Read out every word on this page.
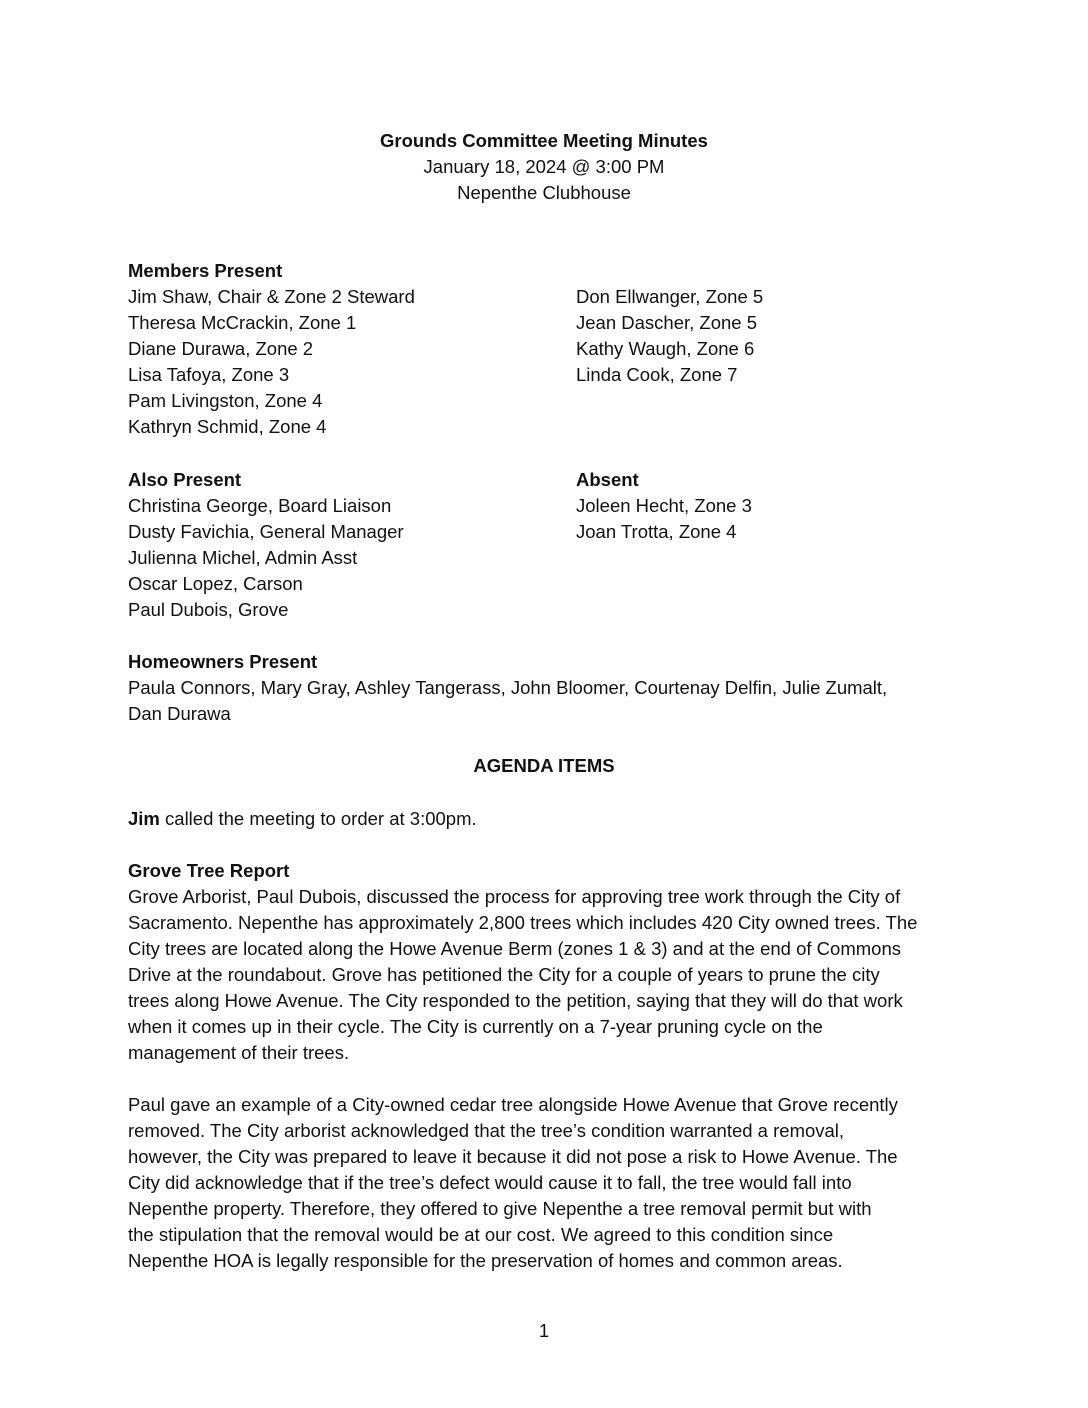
Grounds Committee Meeting Minutes
January 18, 2024 @ 3:00 PM
Nepenthe Clubhouse
Members Present
Jim Shaw, Chair & Zone 2 Steward
Theresa McCrackin, Zone 1
Diane Durawa, Zone 2
Lisa Tafoya, Zone 3
Pam Livingston, Zone 4
Kathryn Schmid, Zone 4
Don Ellwanger, Zone 5
Jean Dascher, Zone 5
Kathy Waugh, Zone 6
Linda Cook, Zone 7
Also Present
Christina George, Board Liaison
Dusty Favichia, General Manager
Julienna Michel, Admin Asst
Oscar Lopez, Carson
Paul Dubois, Grove
Absent
Joleen Hecht, Zone 3
Joan Trotta, Zone 4
Homeowners Present
Paula Connors, Mary Gray, Ashley Tangerass, John Bloomer, Courtenay Delfin, Julie Zumalt,
Dan Durawa
AGENDA ITEMS
Jim called the meeting to order at 3:00pm.
Grove Tree Report
Grove Arborist, Paul Dubois, discussed the process for approving tree work through the City of
Sacramento. Nepenthe has approximately 2,800 trees which includes 420 City owned trees. The
City trees are located along the Howe Avenue Berm (zones 1 & 3) and at the end of Commons
Drive at the roundabout. Grove has petitioned the City for a couple of years to prune the city
trees along Howe Avenue. The City responded to the petition, saying that they will do that work
when it comes up in their cycle. The City is currently on a 7-year pruning cycle on the
management of their trees.
Paul gave an example of a City-owned cedar tree alongside Howe Avenue that Grove recently
removed. The City arborist acknowledged that the tree’s condition warranted a removal,
however, the City was prepared to leave it because it did not pose a risk to Howe Avenue. The
City did acknowledge that if the tree’s defect would cause it to fall, the tree would fall into
Nepenthe property. Therefore, they offered to give Nepenthe a tree removal permit but with
the stipulation that the removal would be at our cost. We agreed to this condition since
Nepenthe HOA is legally responsible for the preservation of homes and common areas.
1
